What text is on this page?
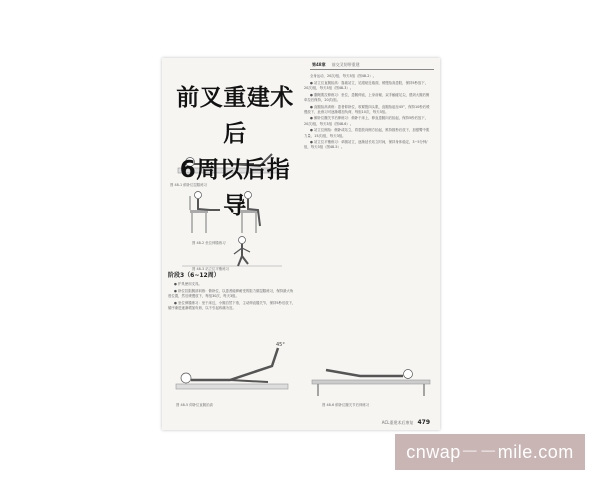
第48章 前交叉韧带重建
图 48-1 俯卧位屈膝练习
图 48-2 坐位伸膝练习
图 48-3 站立位平衡练习
阶段3（6~12周）

● 护具使用支具。

● 卧位抗阻腿部训练：俯卧位，以患者能够耐受的阻力做屈膝练习，保持最大角度位置，然后缓慢放下，每组30次，每天3组。

● 坐位伸膝练习：坐于床边，小腿自然下垂，主动伸直膝关节，保持5秒后放下，循序渐进逐渐增加负荷，以不引起疼痛为宜。

全身运动，20次/组，每天3组（图48-2）。

● 站立位直腿抬高：靠墙站立，足跟贴近墙面，缓慢抬高患肢，保持5秒放下，20次/组，每天3组（图48-3）。

● 腘绳肌拉伸练习：坐位，患腿伸直，上身前倾，双手触碰足尖，感到大腿后侧牵拉后保持，20次/组。

● 直腿抬高训练：患者仰卧位，收紧股四头肌，直腿抬起至45°，保持10秒后缓慢放下，此练习可逐渐增加负荷，每组10次，每天3组。

● 俯卧位髋关节后伸练习：俯卧于床上，伸直患腿向后抬起，保持5秒后放下，20次/组，每天3组（图48-6）。

● 站立位侧抬：侧卧或站立，将患肢向侧方抬起，维持数秒后放下，加强臀中肌力量，15次/组，每天3组。

● 站立位平衡练习：单腿站立，逐渐延长站立时间，保持身体稳定，3~5分钟/组，每天3组（图48-5）。

45°
图 48-5 仰卧位直腿抬高	图 48-6 俯卧位髋关节后伸练习
ACL重建术后康复 479
前叉重建术后
6周以后指导
cnwap－－mile.com
